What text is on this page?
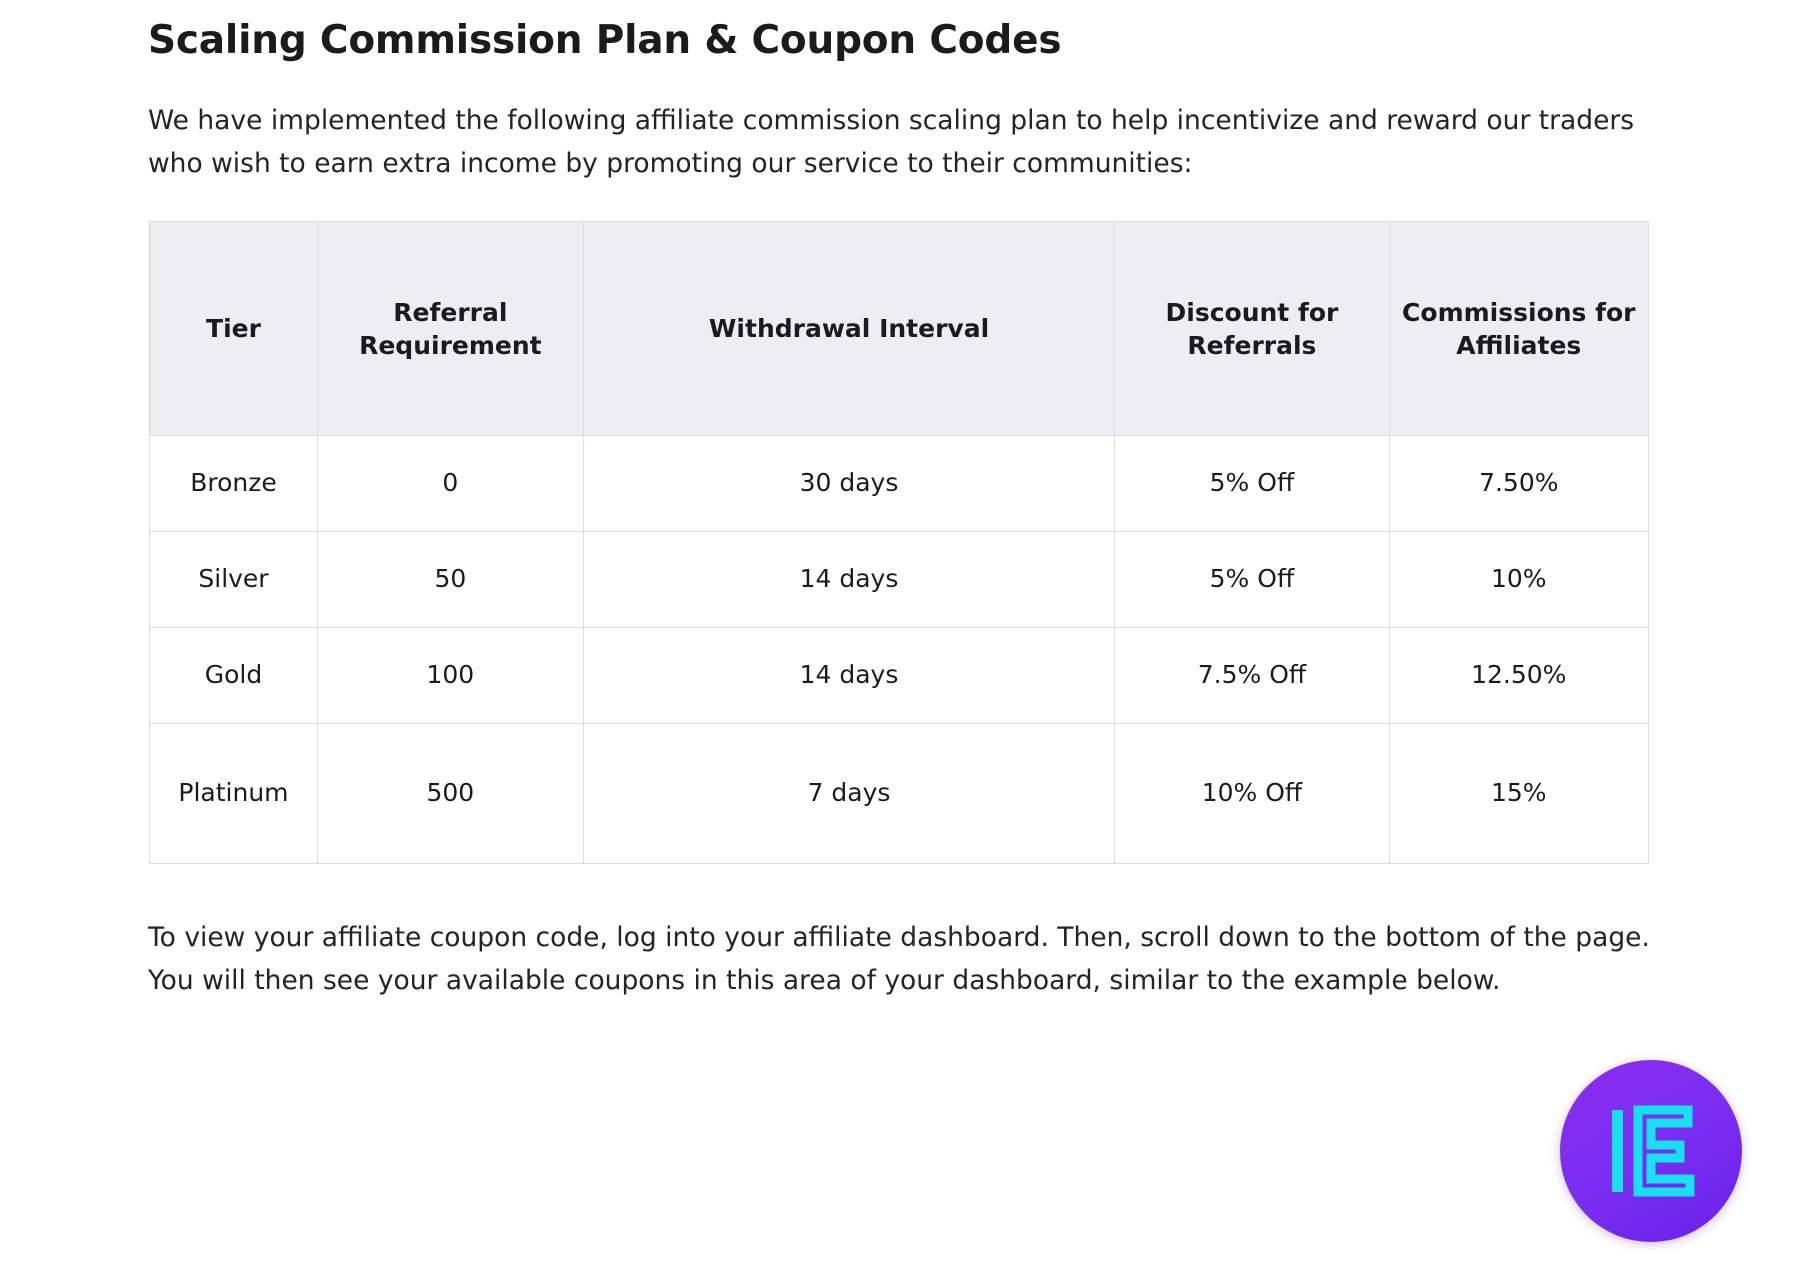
Scaling Commission Plan & Coupon Codes

We have implemented the following affiliate commission scaling plan to help incentivize and reward our traders who wish to earn extra income by promoting our service to their communities:

Tier	Referral Requirement	Withdrawal Interval	Discount for Referrals	Commissions for Affiliates
Bronze	0	30 days	5% Off	7.50%
Silver	50	14 days	5% Off	10%
Gold	100	14 days	7.5% Off	12.50%
Platinum	500	7 days	10% Off	15%

To view your affiliate coupon code, log into your affiliate dashboard. Then, scroll down to the bottom of the page. You will then see your available coupons in this area of your dashboard, similar to the example below.
